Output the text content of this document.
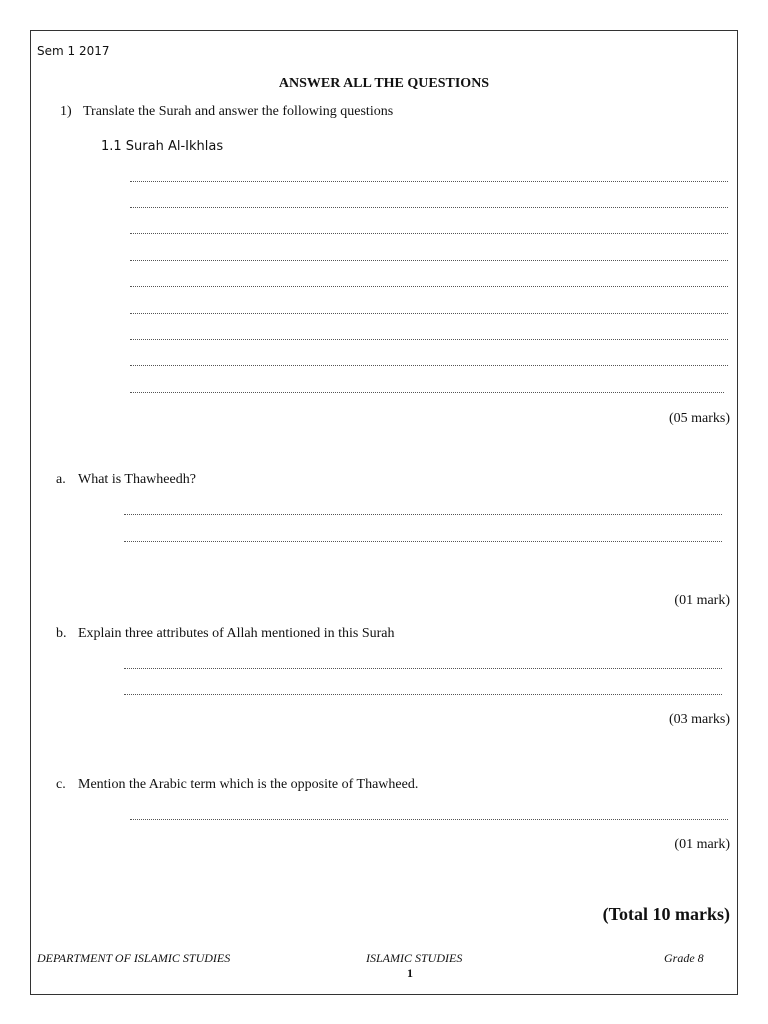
Sem 1 2017
ANSWER ALL THE QUESTIONS
1) Translate the Surah and answer the following questions
1.1 Surah Al-Ikhlas
(05 marks)
a. What is Thawheedh?
(01 mark)
b. Explain three attributes of Allah mentioned in this Surah
(03 marks)
c. Mention the Arabic term which is the opposite of Thawheed.
(01 mark)
(Total 10 marks)
DEPARTMENT OF ISLAMIC STUDIES	ISLAMIC STUDIES	Grade 8
1
